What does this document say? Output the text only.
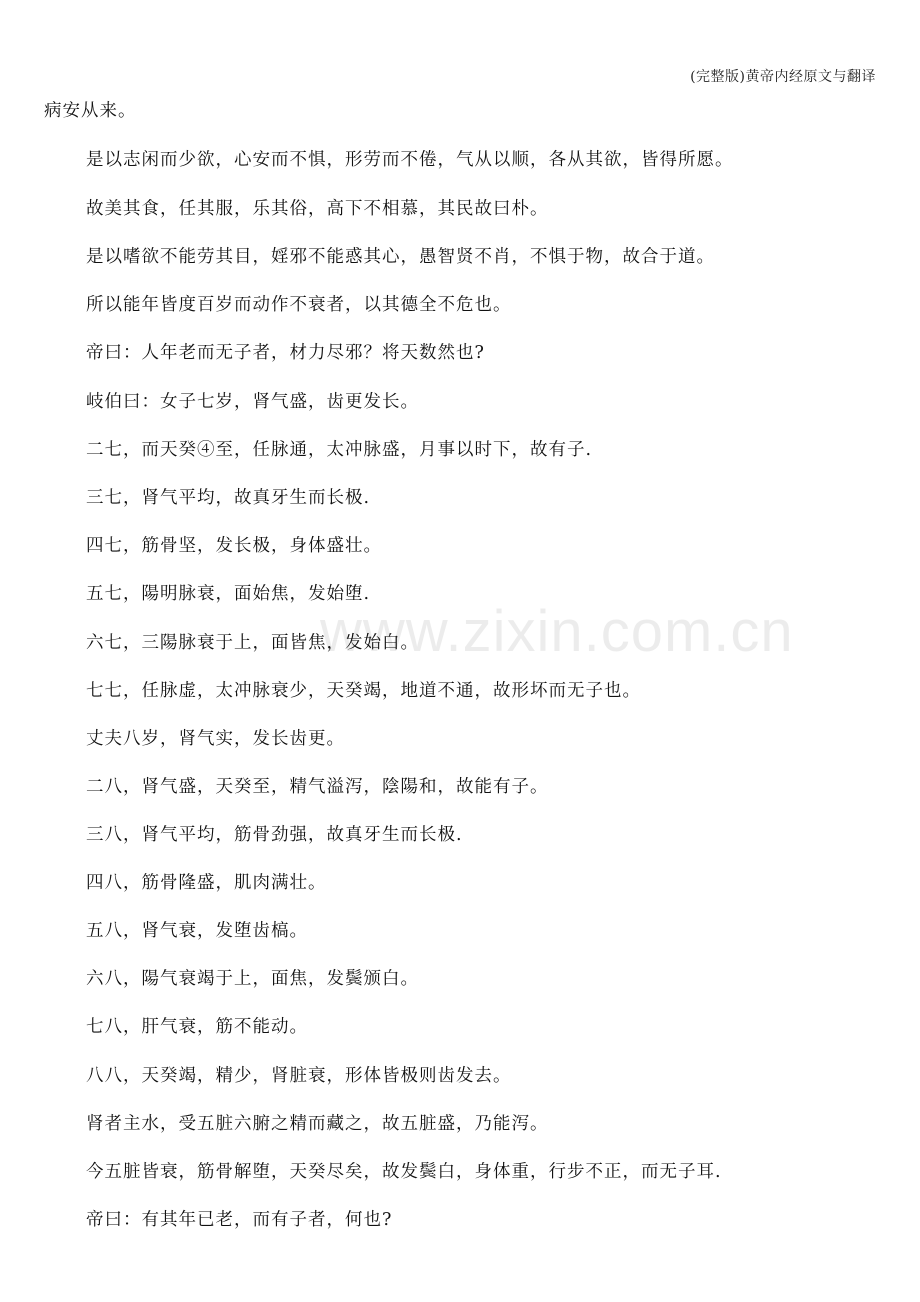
(完整版)黄帝内经原文与翻译
www.zixin.com.cn
病安从来。
是以志闲而少欲，心安而不惧，形劳而不倦，气从以顺，各从其欲，皆得所愿。
故美其食，任其服，乐其俗，高下不相慕，其民故曰朴。
是以嗜欲不能劳其目，婬邪不能惑其心，愚智贤不肖，不惧于物，故合于道。
所以能年皆度百岁而动作不衰者，以其德全不危也。
帝曰：人年老而无子者，材力尽邪？将天数然也?
岐伯曰：女子七岁，肾气盛，齿更发长。
二七，而天癸④至，任脉通，太冲脉盛，月事以时下，故有子.
三七，肾气平均，故真牙生而长极.
四七，筋骨坚，发长极，身体盛壮。
五七，陽明脉衰，面始焦，发始堕.
六七，三陽脉衰于上，面皆焦，发始白。
七七，任脉虚，太冲脉衰少，天癸竭，地道不通，故形坏而无子也。
丈夫八岁，肾气实，发长齿更。
二八，肾气盛，天癸至，精气溢泻，陰陽和，故能有子。
三八，肾气平均，筋骨劲强，故真牙生而长极.
四八，筋骨隆盛，肌肉满壮。
五八，肾气衰，发堕齿槁。
六八，陽气衰竭于上，面焦，发鬓颁白。
七八，肝气衰，筋不能动。
八八，天癸竭，精少，肾脏衰，形体皆极则齿发去。
肾者主水，受五脏六腑之精而藏之，故五脏盛，乃能泻。
今五脏皆衰，筋骨解堕，天癸尽矣，故发鬓白，身体重，行步不正，而无子耳.
帝曰：有其年已老，而有子者，何也?
